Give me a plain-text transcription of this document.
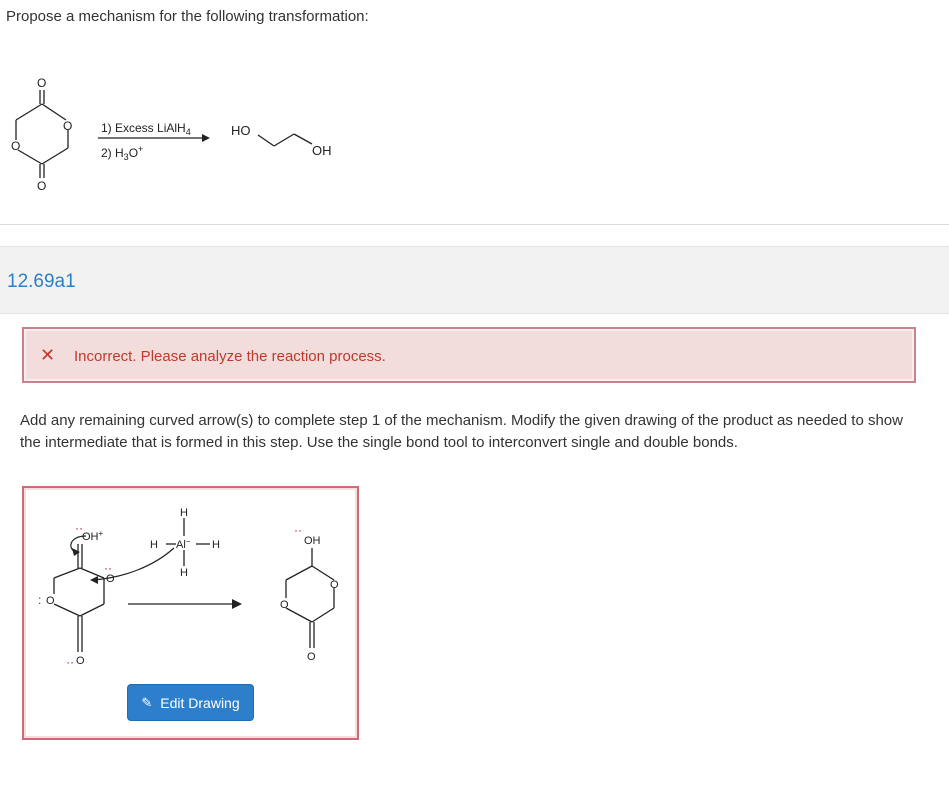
Propose a mechanism for the following transformation:
O
O
O
O
1) Excess LiAlH$_4$
2) $H_3O^+$
HO
OH
12.69a1
✕ Incorrect. Please analyze the reaction process.
Add any remaining curved arrow(s) to complete step 1 of the mechanism. Modify the given drawing of the product as needed to show the intermediate that is formed in this step. Use the single bond tool to interconvert single and double bonds.
OH+
··
H
H Al− H
H
O
··
O
:
O
··
OH
··
O
O
O
✎ Edit Drawing
